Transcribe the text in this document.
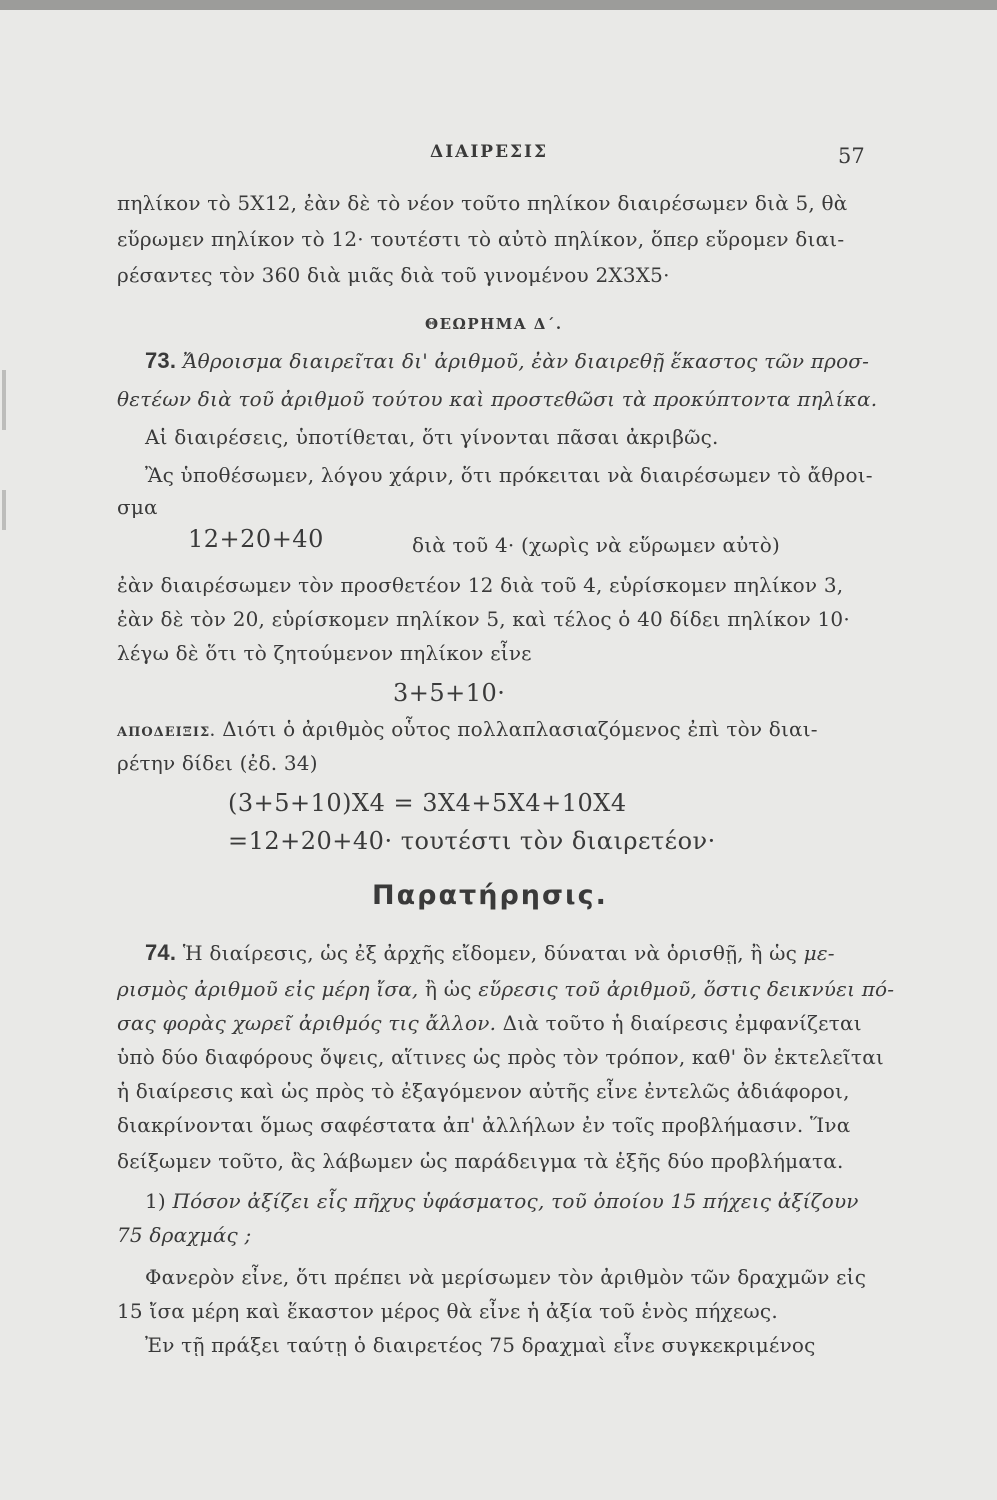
ΔΙΑΙΡΕΣΙΣ	57
πηλίκον τὸ 5X12, ἐὰν δὲ τὸ νέον τοῦτο πηλίκον διαιρέσωμεν διὰ 5, θὰ
εὕρωμεν πηλίκον τὸ 12· τουτέστι τὸ αὐτὸ πηλίκον, ὅπερ εὕρομεν διαι-
ρέσαντες τὸν 360 διὰ μιᾶς διὰ τοῦ γινομένου 2X3X5·
ΘΕΩΡΗΜΑ Δ΄.
73. Ἄθροισμα διαιρεῖται δι' ἀριθμοῦ, ἐὰν διαιρεθῇ ἕκαστος τῶν προσ-
θετέων διὰ τοῦ ἀριθμοῦ τούτου καὶ προστεθῶσι τὰ προκύπτοντα πηλίκα.
Αἱ διαιρέσεις, ὑποτίθεται, ὅτι γίνονται πᾶσαι ἀκριβῶς.
Ἂς ὑποθέσωμεν, λόγου χάριν, ὅτι πρόκειται νὰ διαιρέσωμεν τὸ ἄθροι-
σμα
12+20+40	διὰ τοῦ 4· (χωρὶς νὰ εὕρωμεν αὐτὸ)
ἐὰν διαιρέσωμεν τὸν προσθετέον 12 διὰ τοῦ 4, εὑρίσκομεν πηλίκον 3,
ἐὰν δὲ τὸν 20, εὑρίσκομεν πηλίκον 5, καὶ τέλος ὁ 40 δίδει πηλίκον 10·
λέγω δὲ ὅτι τὸ ζητούμενον πηλίκον εἶνε
3+5+10·
ΑΠΟΔΕΙΞΙΣ. Διότι ὁ ἀριθμὸς οὗτος πολλαπλασιαζόμενος ἐπὶ τὸν διαι-
ρέτην δίδει (ἐδ. 34)
(3+5+10)X4 = 3X4+5X4+10X4
=12+20+40· τουτέστι τὸν διαιρετέον·
Παρατήρησις.
74. Ἡ διαίρεσις, ὡς ἐξ ἀρχῆς εἴδομεν, δύναται νὰ ὁρισθῇ, ἢ ὡς με-
ρισμὸς ἀριθμοῦ εἰς μέρη ἴσα, ἢ ὡς εὕρεσις τοῦ ἀριθμοῦ, ὅστις δεικνύει πό-
σας φορὰς χωρεῖ ἀριθμός τις ἄλλον. Διὰ τοῦτο ἡ διαίρεσις ἐμφανίζεται
ὑπὸ δύο διαφόρους ὄψεις, αἵτινες ὡς πρὸς τὸν τρόπον, καθ' ὃν ἐκτελεῖται
ἡ διαίρεσις καὶ ὡς πρὸς τὸ ἐξαγόμενον αὐτῆς εἶνε ἐντελῶς ἀδιάφοροι,
διακρίνονται ὅμως σαφέστατα ἀπ' ἀλλήλων ἐν τοῖς προβλήμασιν. Ἵνα
δείξωμεν τοῦτο, ἂς λάβωμεν ὡς παράδειγμα τὰ ἑξῆς δύο προβλήματα.
1) Πόσον ἀξίζει εἷς πῆχυς ὑφάσματος, τοῦ ὁποίου 15 πήχεις ἀξίζουν
75 δραχμάς ;
Φανερὸν εἶνε, ὅτι πρέπει νὰ μερίσωμεν τὸν ἀριθμὸν τῶν δραχμῶν εἰς
15 ἴσα μέρη καὶ ἕκαστον μέρος θὰ εἶνε ἡ ἀξία τοῦ ἑνὸς πήχεως.
Ἐν τῇ πράξει ταύτῃ ὁ διαιρετέος 75 δραχμαὶ εἶνε συγκεκριμένος
